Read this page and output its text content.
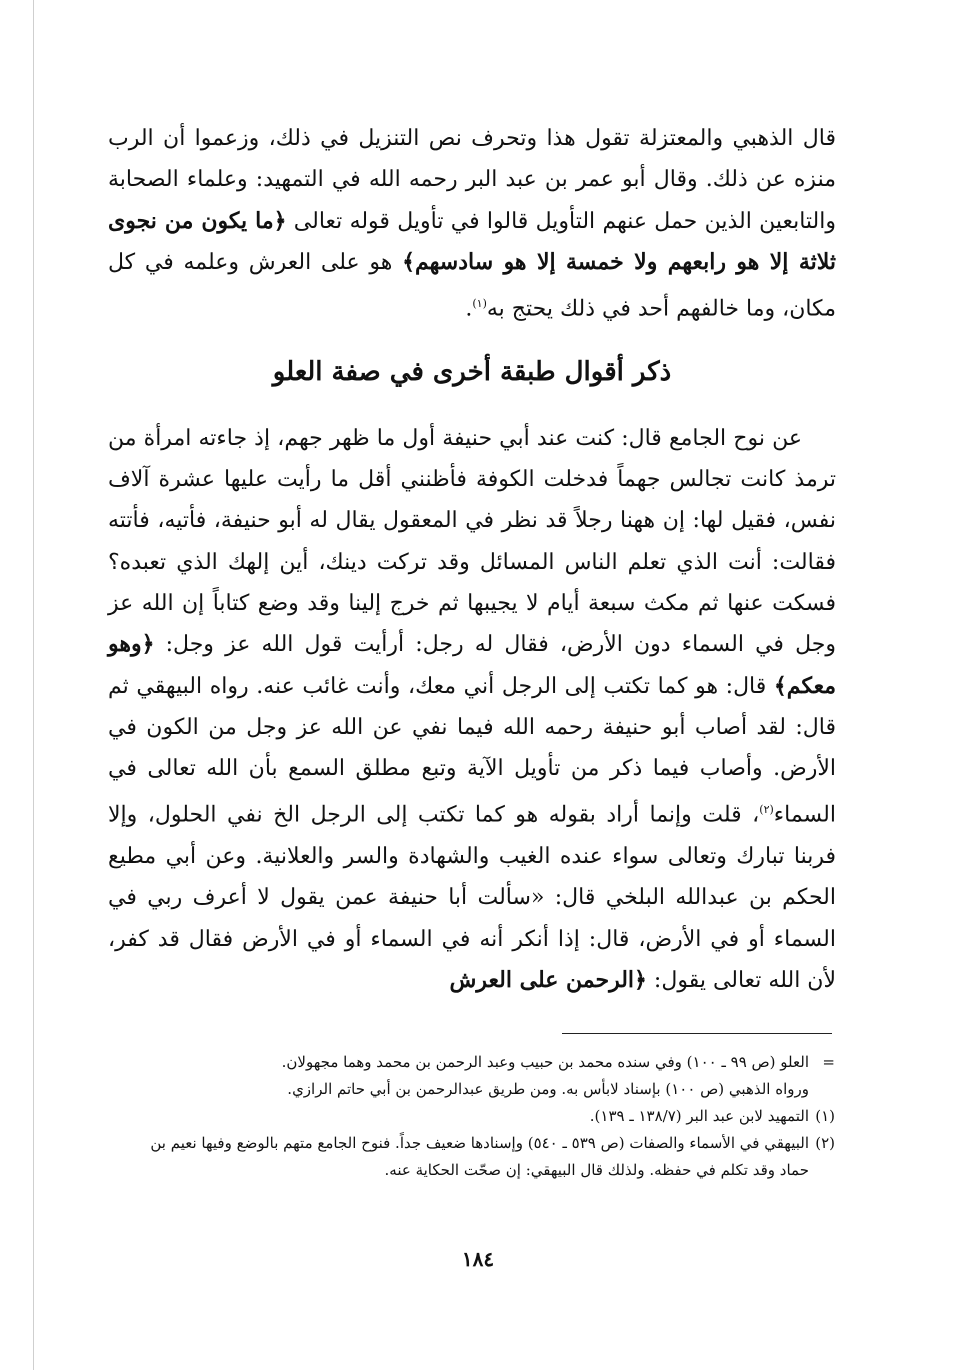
قال الذهبي والمعتزلة تقول هذا وتحرف نص التنزيل في ذلك، وزعموا أن الرب منزه عن ذلك. وقال أبو عمر بن عبد البر رحمه الله في التمهيد: وعلماء الصحابة والتابعين الذين حمل عنهم التأويل قالوا في تأويل قوله تعالى ﴿ما يكون من نجوى ثلاثة إلا هو رابعهم ولا خمسة إلا هو سادسهم﴾ هو على العرش وعلمه في كل مكان، وما خالفهم أحد في ذلك يحتج به$^{(١)}$.

ذكر أقوال طبقة أخرى في صفة العلو

عن نوح الجامع قال: كنت عند أبي حنيفة أول ما ظهر جهم، إذ جاءته امرأة من ترمذ كانت تجالس جهماً فدخلت الكوفة فأظنني أقل ما رأيت عليها عشرة آلاف نفس، فقيل لها: إن ههنا رجلاً قد نظر في المعقول يقال له أبو حنيفة، فأتيه، فأتته فقالت: أنت الذي تعلم الناس المسائل وقد تركت دينك، أين إلهك الذي تعبده؟ فسكت عنها ثم مكث سبعة أيام لا يجيبها ثم خرج إلينا وقد وضع كتاباً إن الله عز وجل في السماء دون الأرض، فقال له رجل: أرأيت قول الله عز وجل: ﴿وهو معكم﴾ قال: هو كما تكتب إلى الرجل أني معك، وأنت غائب عنه. رواه البيهقي ثم قال: لقد أصاب أبو حنيفة رحمه الله فيما نفي عن الله عز وجل من الكون في الأرض. وأصاب فيما ذكر من تأويل الآية وتبع مطلق السمع بأن الله تعالى في السماء$^{(٢)}$، قلت وإنما أراد بقوله هو كما تكتب إلى الرجل الخ نفي الحلول، وإلا فربنا تبارك وتعالى سواء عنده الغيب والشهادة والسر والعلانية. وعن أبي مطيع الحكم بن عبدالله البلخي قال: «سألت أبا حنيفة عمن يقول لا أعرف ربي في السماء أو في الأرض، قال: إذا أنكر أنه في السماء أو في الأرض فقال قد كفر، لأن الله تعالى يقول: ﴿الرحمن على العرش

=
العلو (ص ٩٩ ـ ١٠٠) وفي سنده محمد بن حبيب وعبد الرحمن بن محمد وهما مجهولان.
ورواه الذهبي (ص ١٠٠) بإسناد لابأس به. ومن طريق عبدالرحمن بن أبي حاتم الرازي.
(١)
التمهيد لابن عبد البر (١٣٨/٧ ـ ١٣٩).
(٢)
البيهقي في الأسماء والصفات (ص ٥٣٩ ـ ٥٤٠) وإسنادها ضعيف جداً. فنوح الجامع متهم بالوضع وفيها نعيم بن حماد وقد تكلم في حفظه. ولذلك قال البيهقي: إن صحّت الحكاية عنه.
١٨٤
